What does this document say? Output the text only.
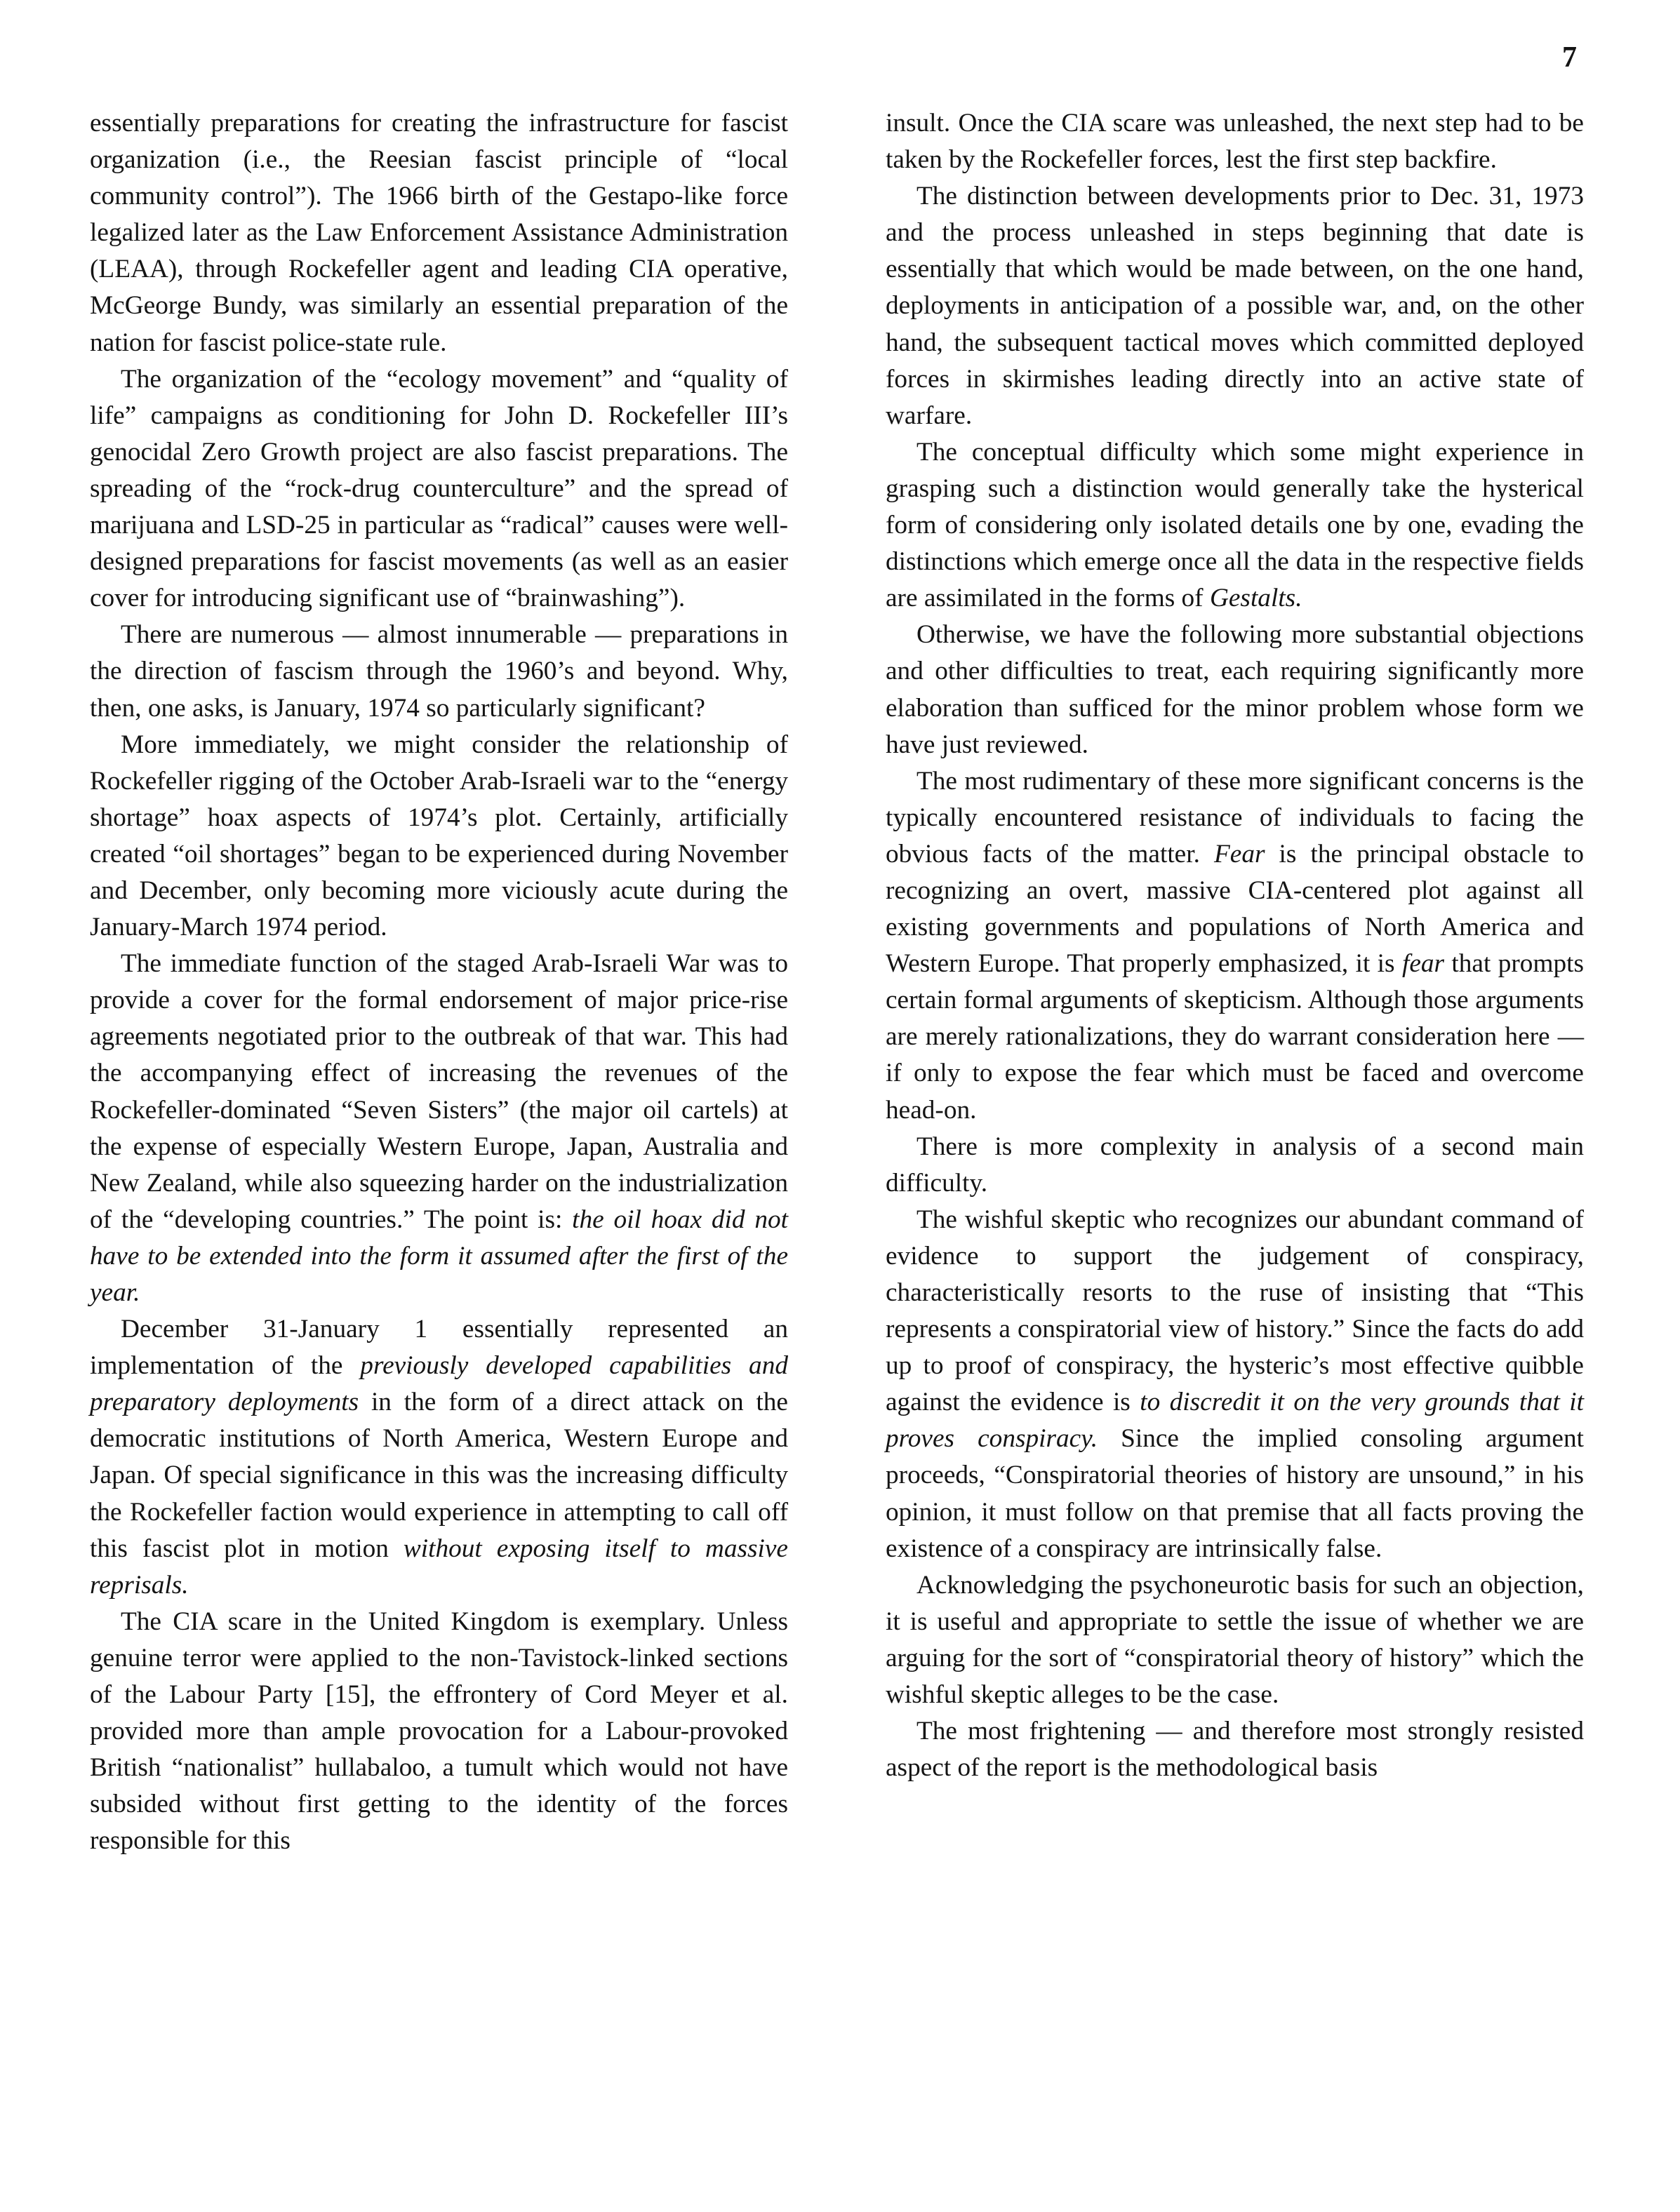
7

essentially preparations for creating the infrastructure for fascist organization (i.e., the Reesian fascist principle of “local community control”). The 1966 birth of the Gestapo-like force legalized later as the Law Enforcement Assistance Administration (LEAA), through Rockefeller agent and leading CIA operative, McGeorge Bundy, was similarly an essential preparation of the nation for fascist police-state rule.

The organization of the “ecology movement” and “quality of life” campaigns as conditioning for John D. Rockefeller III’s genocidal Zero Growth project are also fascist preparations. The spreading of the “rock-drug counterculture” and the spread of marijuana and LSD-25 in particular as “radical” causes were well-designed preparations for fascist movements (as well as an easier cover for introducing significant use of “brainwashing”).

There are numerous — almost innumerable — preparations in the direction of fascism through the 1960’s and beyond. Why, then, one asks, is January, 1974 so particularly significant?

More immediately, we might consider the relationship of Rockefeller rigging of the October Arab-Israeli war to the “energy shortage” hoax aspects of 1974’s plot. Certainly, artificially created “oil shortages” began to be experienced during November and December, only becoming more viciously acute during the January-March 1974 period.

The immediate function of the staged Arab-Israeli War was to provide a cover for the formal endorsement of major price-rise agreements negotiated prior to the outbreak of that war. This had the accompanying effect of increasing the revenues of the Rockefeller-dominated “Seven Sisters” (the major oil cartels) at the expense of especially Western Europe, Japan, Australia and New Zealand, while also squeezing harder on the industrialization of the “developing countries.” The point is: the oil hoax did not have to be extended into the form it assumed after the first of the year.

December 31-January 1 essentially represented an implementation of the previously developed capabilities and preparatory deployments in the form of a direct attack on the democratic institutions of North America, Western Europe and Japan. Of special significance in this was the increasing difficulty the Rockefeller faction would experience in attempting to call off this fascist plot in motion without exposing itself to massive reprisals.

The CIA scare in the United Kingdom is exemplary. Unless genuine terror were applied to the non-Tavistock-linked sections of the Labour Party [15], the effrontery of Cord Meyer et al. provided more than ample provocation for a Labour-provoked British “nationalist” hullabaloo, a tumult which would not have subsided without first getting to the identity of the forces responsible for this

insult. Once the CIA scare was unleashed, the next step had to be taken by the Rockefeller forces, lest the first step backfire.

The distinction between developments prior to Dec. 31, 1973 and the process unleashed in steps beginning that date is essentially that which would be made between, on the one hand, deployments in anticipation of a possible war, and, on the other hand, the subsequent tactical moves which committed deployed forces in skirmishes leading directly into an active state of warfare.

The conceptual difficulty which some might experience in grasping such a distinction would generally take the hysterical form of considering only isolated details one by one, evading the distinctions which emerge once all the data in the respective fields are assimilated in the forms of Gestalts.

Otherwise, we have the following more substantial objections and other difficulties to treat, each requiring significantly more elaboration than sufficed for the minor problem whose form we have just reviewed.

The most rudimentary of these more significant concerns is the typically encountered resistance of individuals to facing the obvious facts of the matter. Fear is the principal obstacle to recognizing an overt, massive CIA-centered plot against all existing governments and populations of North America and Western Europe. That properly emphasized, it is fear that prompts certain formal arguments of skepticism. Although those arguments are merely rationalizations, they do warrant consideration here — if only to expose the fear which must be faced and overcome head-on.

There is more complexity in analysis of a second main difficulty.

The wishful skeptic who recognizes our abundant command of evidence to support the judgement of conspiracy, characteristically resorts to the ruse of insisting that “This represents a conspiratorial view of history.” Since the facts do add up to proof of conspiracy, the hysteric’s most effective quibble against the evidence is to discredit it on the very grounds that it proves conspiracy. Since the implied consoling argument proceeds, “Conspiratorial theories of history are unsound,” in his opinion, it must follow on that premise that all facts proving the existence of a conspiracy are intrinsically false.

Acknowledging the psychoneurotic basis for such an objection, it is useful and appropriate to settle the issue of whether we are arguing for the sort of “conspiratorial theory of history” which the wishful skeptic alleges to be the case.

The most frightening — and therefore most strongly resisted aspect of the report is the methodological basis
